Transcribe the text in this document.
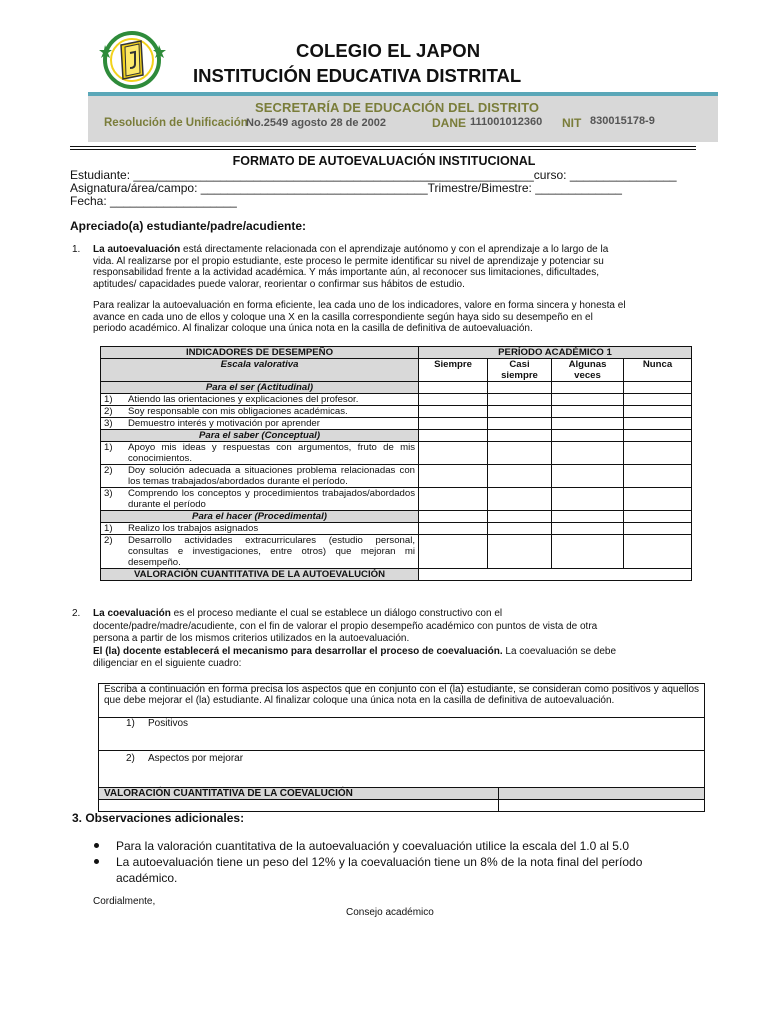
COLEGIO EL JAPON
INSTITUCIÓN EDUCATIVA DISTRITAL
SECRETARÍA DE EDUCACIÓN DEL DISTRITO
Resolución de Unificación
No.2549 agosto 28 de 2002	DANE 111001012360 NIT 830015178-9
FORMATO DE AUTOEVALUACIÓN INSTITUCIONAL
Estudiante: ____________________________________________________________curso: ________________
Asignatura/área/campo: __________________________________Trimestre/Bimestre: _____________
Fecha: ___________________
Apreciado(a) estudiante/padre/acudiente:
1. La autoevaluación está directamente relacionada con el aprendizaje autónomo y con el aprendizaje a lo largo de la
vida. Al realizarse por el propio estudiante, este proceso le permite identificar su nivel de aprendizaje y potenciar su
responsabilidad frente a la actividad académica. Y más importante aún, al reconocer sus limitaciones, dificultades,
aptitudes/ capacidades puede valorar, reorientar o confirmar sus hábitos de estudio.
Para realizar la autoevaluación en forma eficiente, lea cada uno de los indicadores, valore en forma sincera y honesta el
avance en cada uno de ellos y coloque una X en la casilla correspondiente según haya sido su desempeño en el
periodo académico. Al finalizar coloque una única nota en la casilla de definitiva de autoevaluación.
INDICADORES DE DESEMPEÑO	PERÍODO ACADÉMICO 1			
Escala valorativa	Siempre	Casi siempre	Algunas veces	Nunca
Para el ser (Actitudinal)				

1) Atiendo las orientaciones y explicaciones del profesor.				

2) Soy responsable con mis obligaciones académicas.				

3) Demuestro interés y motivación por aprender				

Para el saber (Conceptual)				

1) Apoyo mis ideas y respuestas con argumentos, fruto de mis conocimientos.				

2) Doy solución adecuada a situaciones problema relacionadas con los temas trabajados/abordados durante el período.				

3) Comprendo los conceptos y procedimientos trabajados/abordados durante el período				

Para el hacer (Procedimental)				

1) Realizo los trabajos asignados				

2) Desarrollo actividades extracurriculares (estudio personal, consultas e investigaciones, entre otros) que mejoran mi desempeño.				

VALORACIÓN CUANTITATIVA DE LA AUTOEVALUCIÓN				
2. La coevaluación es el proceso mediante el cual se establece un diálogo constructivo con el
docente/padre/madre/acudiente, con el fin de valorar el propio desempeño académico con puntos de vista de otra
persona a partir de los mismos criterios utilizados en la autoevaluación.
El (la) docente establecerá el mecanismo para desarrollar el proceso de coevaluación. La coevaluación se debe
diligenciar en el siguiente cuadro:
Escriba a continuación en forma precisa los aspectos que en conjunto con el (la) estudiante, se consideran como positivos y aquellos que debe mejorar el (la) estudiante. Al finalizar coloque una única nota en la casilla de definitiva de autoevaluación.	
1) Positivos	
2) Aspectos por mejorar	
VALORACIÓN CUANTITATIVA DE LA COEVALUCIÓN	

3. Observaciones adicionales:
Para la valoración cuantitativa de la autoevaluación y coevaluación utilice la escala del 1.0 al 5.0
La autoevaluación tiene un peso del 12% y la coevaluación tiene un 8% de la nota final del período
académico.
Cordialmente,
Consejo académico
